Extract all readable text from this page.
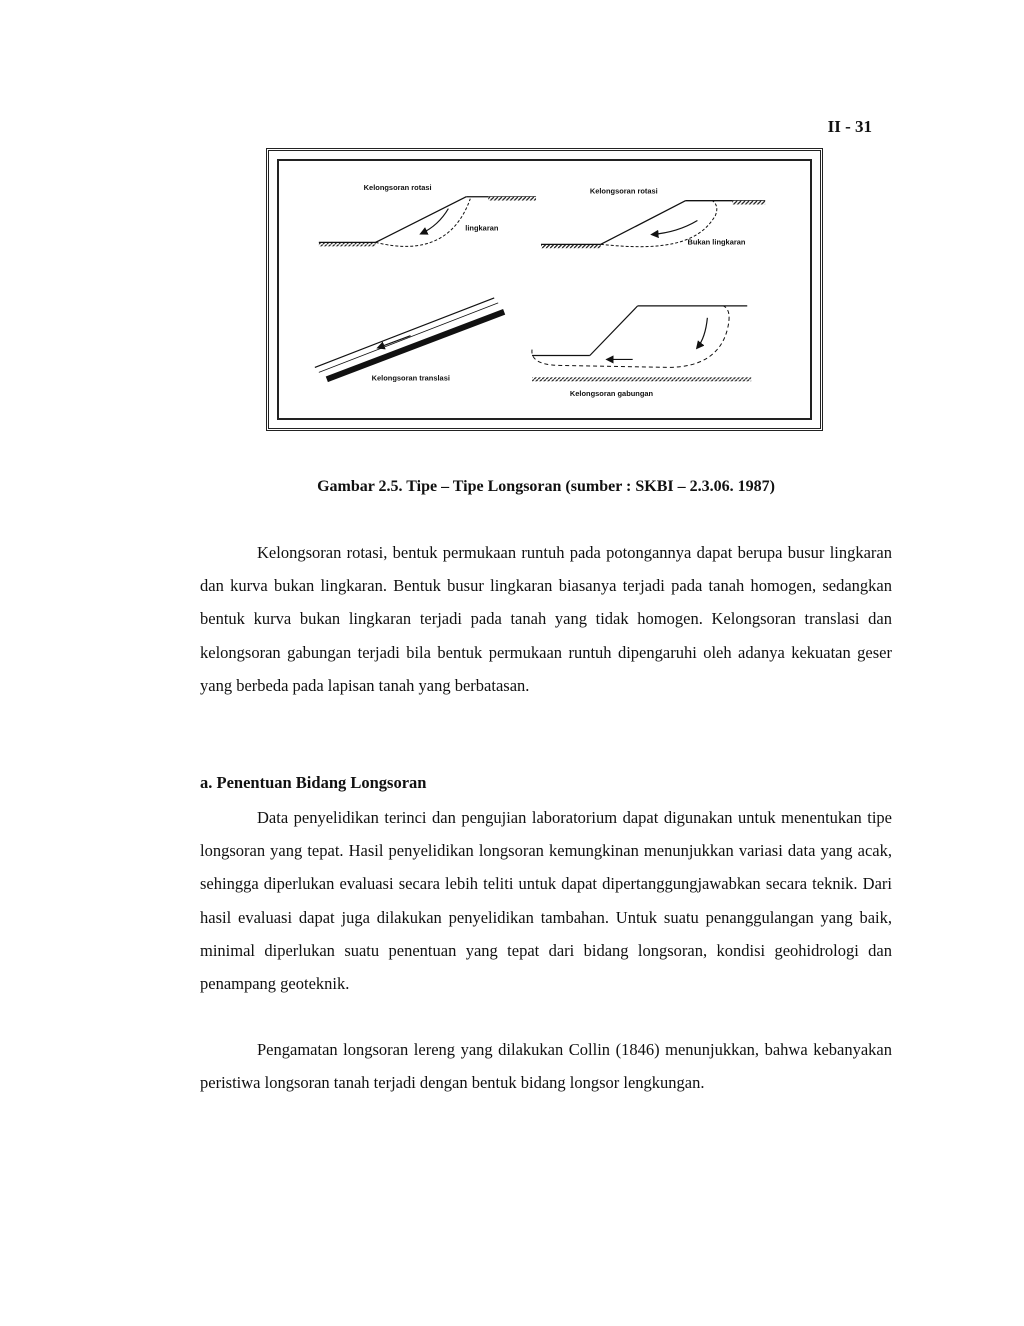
II - 31
Kelongsoran rotasi
lingkaran
Kelongsoran rotasi
Bukan lingkaran
Kelongsoran translasi
Kelongsoran gabungan
Gambar 2.5. Tipe – Tipe Longsoran (sumber : SKBI – 2.3.06. 1987)

Kelongsoran rotasi, bentuk permukaan runtuh pada potongannya dapat berupa busur lingkaran dan kurva bukan lingkaran. Bentuk busur lingkaran biasanya terjadi pada tanah homogen, sedangkan bentuk kurva bukan lingkaran terjadi pada tanah yang tidak homogen. Kelongsoran translasi dan kelongsoran gabungan terjadi bila bentuk permukaan runtuh dipengaruhi oleh adanya kekuatan geser yang berbeda pada lapisan tanah yang berbatasan.

a. Penentuan Bidang Longsoran

Data penyelidikan terinci dan pengujian laboratorium dapat digunakan untuk menentukan tipe longsoran yang tepat. Hasil penyelidikan longsoran kemungkinan menunjukkan variasi data yang acak, sehingga diperlukan evaluasi secara lebih teliti untuk dapat dipertanggungjawabkan secara teknik. Dari hasil evaluasi dapat juga dilakukan penyelidikan tambahan. Untuk suatu penanggulangan yang baik, minimal diperlukan suatu penentuan yang tepat dari bidang longsoran, kondisi geohidrologi dan penampang geoteknik.

Pengamatan longsoran lereng yang dilakukan Collin (1846) menunjukkan, bahwa kebanyakan peristiwa longsoran tanah terjadi dengan bentuk bidang longsor lengkungan.
